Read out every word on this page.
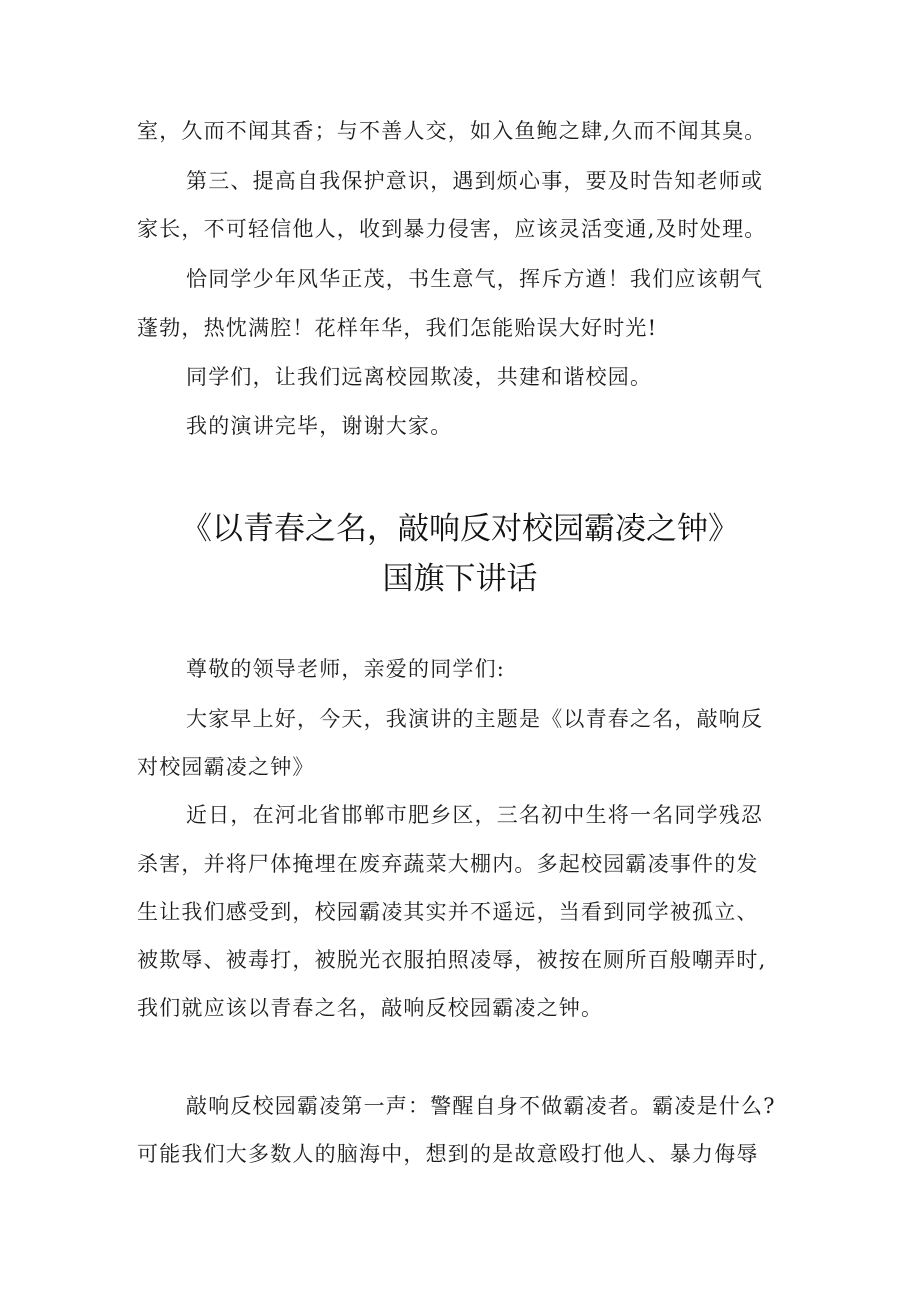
室，久而不闻其香；与不善人交，如入鱼鲍之肆,久而不闻其臭。
第三、提高自我保护意识，遇到烦心事，要及时告知老师或
家长，不可轻信他人，收到暴力侵害，应该灵活变通,及时处理。
恰同学少年风华正茂，书生意气，挥斥方遒！我们应该朝气
蓬勃，热忱满腔！花样年华，我们怎能贻误大好时光!
同学们，让我们远离校园欺凌，共建和谐校园。
我的演讲完毕，谢谢大家。
《以青春之名，敲响反对校园霸凌之钟》
国旗下讲话
尊敬的领导老师，亲爱的同学们:
大家早上好，今天，我演讲的主题是《以青春之名，敲响反
对校园霸凌之钟》
近日，在河北省邯郸市肥乡区，三名初中生将一名同学残忍
杀害，并将尸体掩埋在废弃蔬菜大棚内。多起校园霸凌事件的发
生让我们感受到，校园霸凌其实并不遥远，当看到同学被孤立、
被欺辱、被毒打，被脱光衣服拍照凌辱，被按在厕所百般嘲弄时,
我们就应该以青春之名，敲响反校园霸凌之钟。
敲响反校园霸凌第一声：警醒自身不做霸凌者。霸凌是什么?
可能我们大多数人的脑海中，想到的是故意殴打他人、暴力侮辱
